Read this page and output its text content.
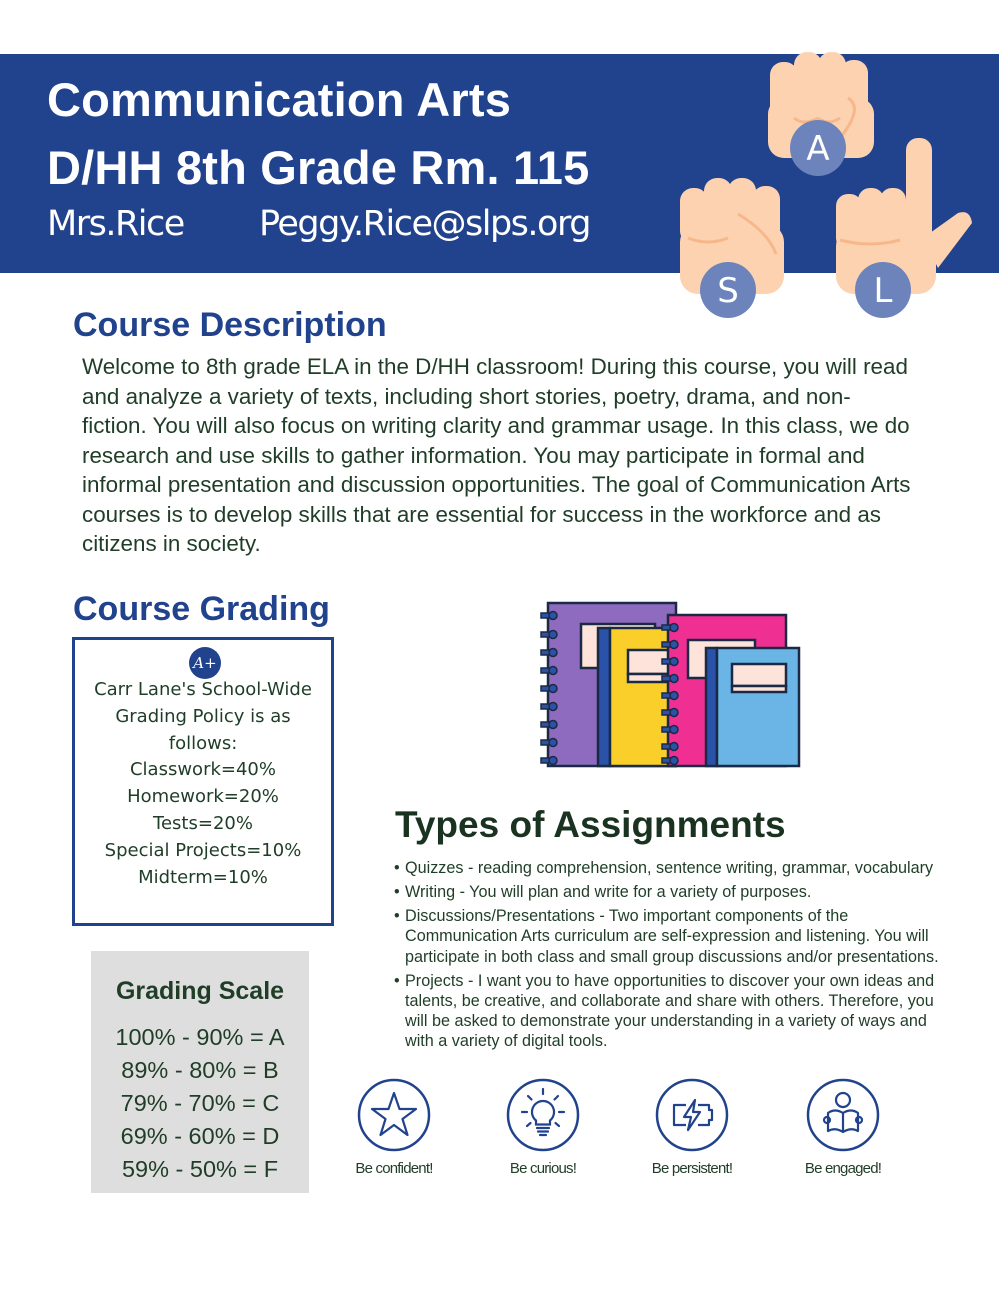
Communication Arts
D/HH 8th Grade Rm. 115
Mrs.Rice Peggy.Rice@slps.org
A
S	L
Course Description

Welcome to 8th grade ELA in the D/HH classroom! During this course, you will read and analyze a variety of texts, including short stories, poetry, drama, and non-fiction. You will also focus on writing clarity and grammar usage. In this class, we do research and use skills to gather information. You may participate in formal and informal presentation and discussion opportunities. The goal of Communication Arts courses is to develop skills that are essential for success in the workforce and as citizens in society.

Course Grading
A+
Carr Lane's School-Wide
Grading Policy is as
follows:
Classwork=40%
Homework=20%
Tests=20%
Special Projects=10%
Midterm=10%
Grading Scale
100% - 90% = A
89% - 80% = B
79% - 70% = C
69% - 60% = D
59% - 50% = F
Types of Assignments
• Quizzes - reading comprehension, sentence writing, grammar, vocabulary
• Writing - You will plan and write for a variety of purposes.
• Discussions/Presentations - Two important components of the Communication Arts curriculum are self-expression and listening. You will participate in both class and small group discussions and/or presentations.
• Projects - I want you to have opportunities to discover your own ideas and talents, be creative, and collaborate and share with others. Therefore, you will be asked to demonstrate your understanding in a variety of ways and with a variety of digital tools.
Be confident!	Be curious!	Be persistent!	Be engaged!
